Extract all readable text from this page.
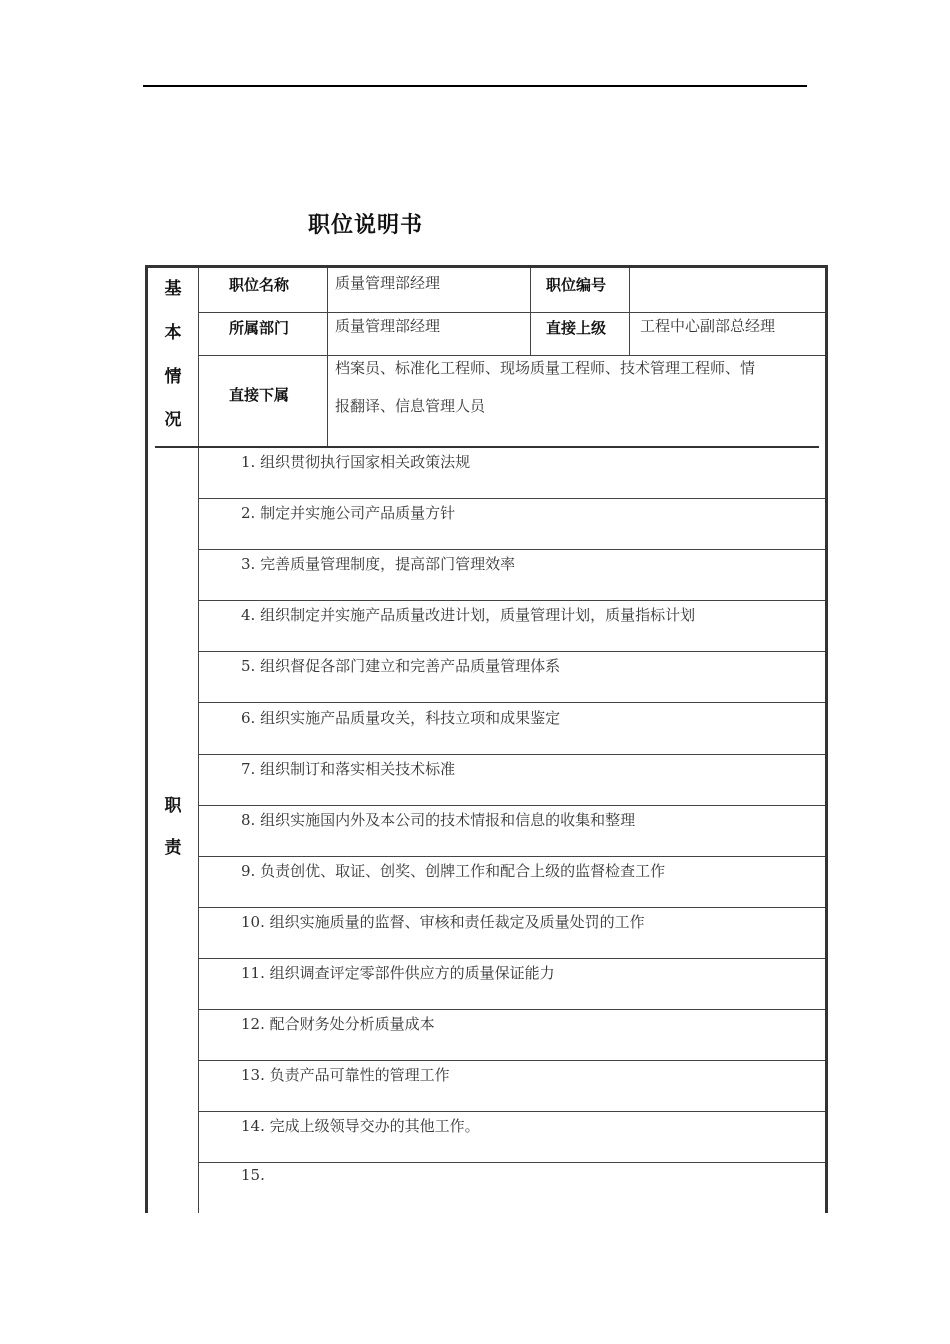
职位说明书
基
本
情
况
职位名称	质量管理部经理	职位编号
所属部门	质量管理部经理	直接上级 工程中心副部总经理
直接下属
档案员、标准化工程师、现场质量工程师、技术管理工程师、情
报翻译、信息管理人员
职
责
1. 组织贯彻执行国家相关政策法规
2. 制定并实施公司产品质量方针
3. 完善质量管理制度，提高部门管理效率
4. 组织制定并实施产品质量改进计划，质量管理计划，质量指标计划
5. 组织督促各部门建立和完善产品质量管理体系
6. 组织实施产品质量攻关，科技立项和成果鉴定
7. 组织制订和落实相关技术标准
8. 组织实施国内外及本公司的技术情报和信息的收集和整理
9. 负责创优、取证、创奖、创牌工作和配合上级的监督检查工作
10. 组织实施质量的监督、审核和责任裁定及质量处罚的工作
11. 组织调查评定零部件供应方的质量保证能力
12. 配合财务处分析质量成本
13. 负责产品可靠性的管理工作
14. 完成上级领导交办的其他工作。
15.
